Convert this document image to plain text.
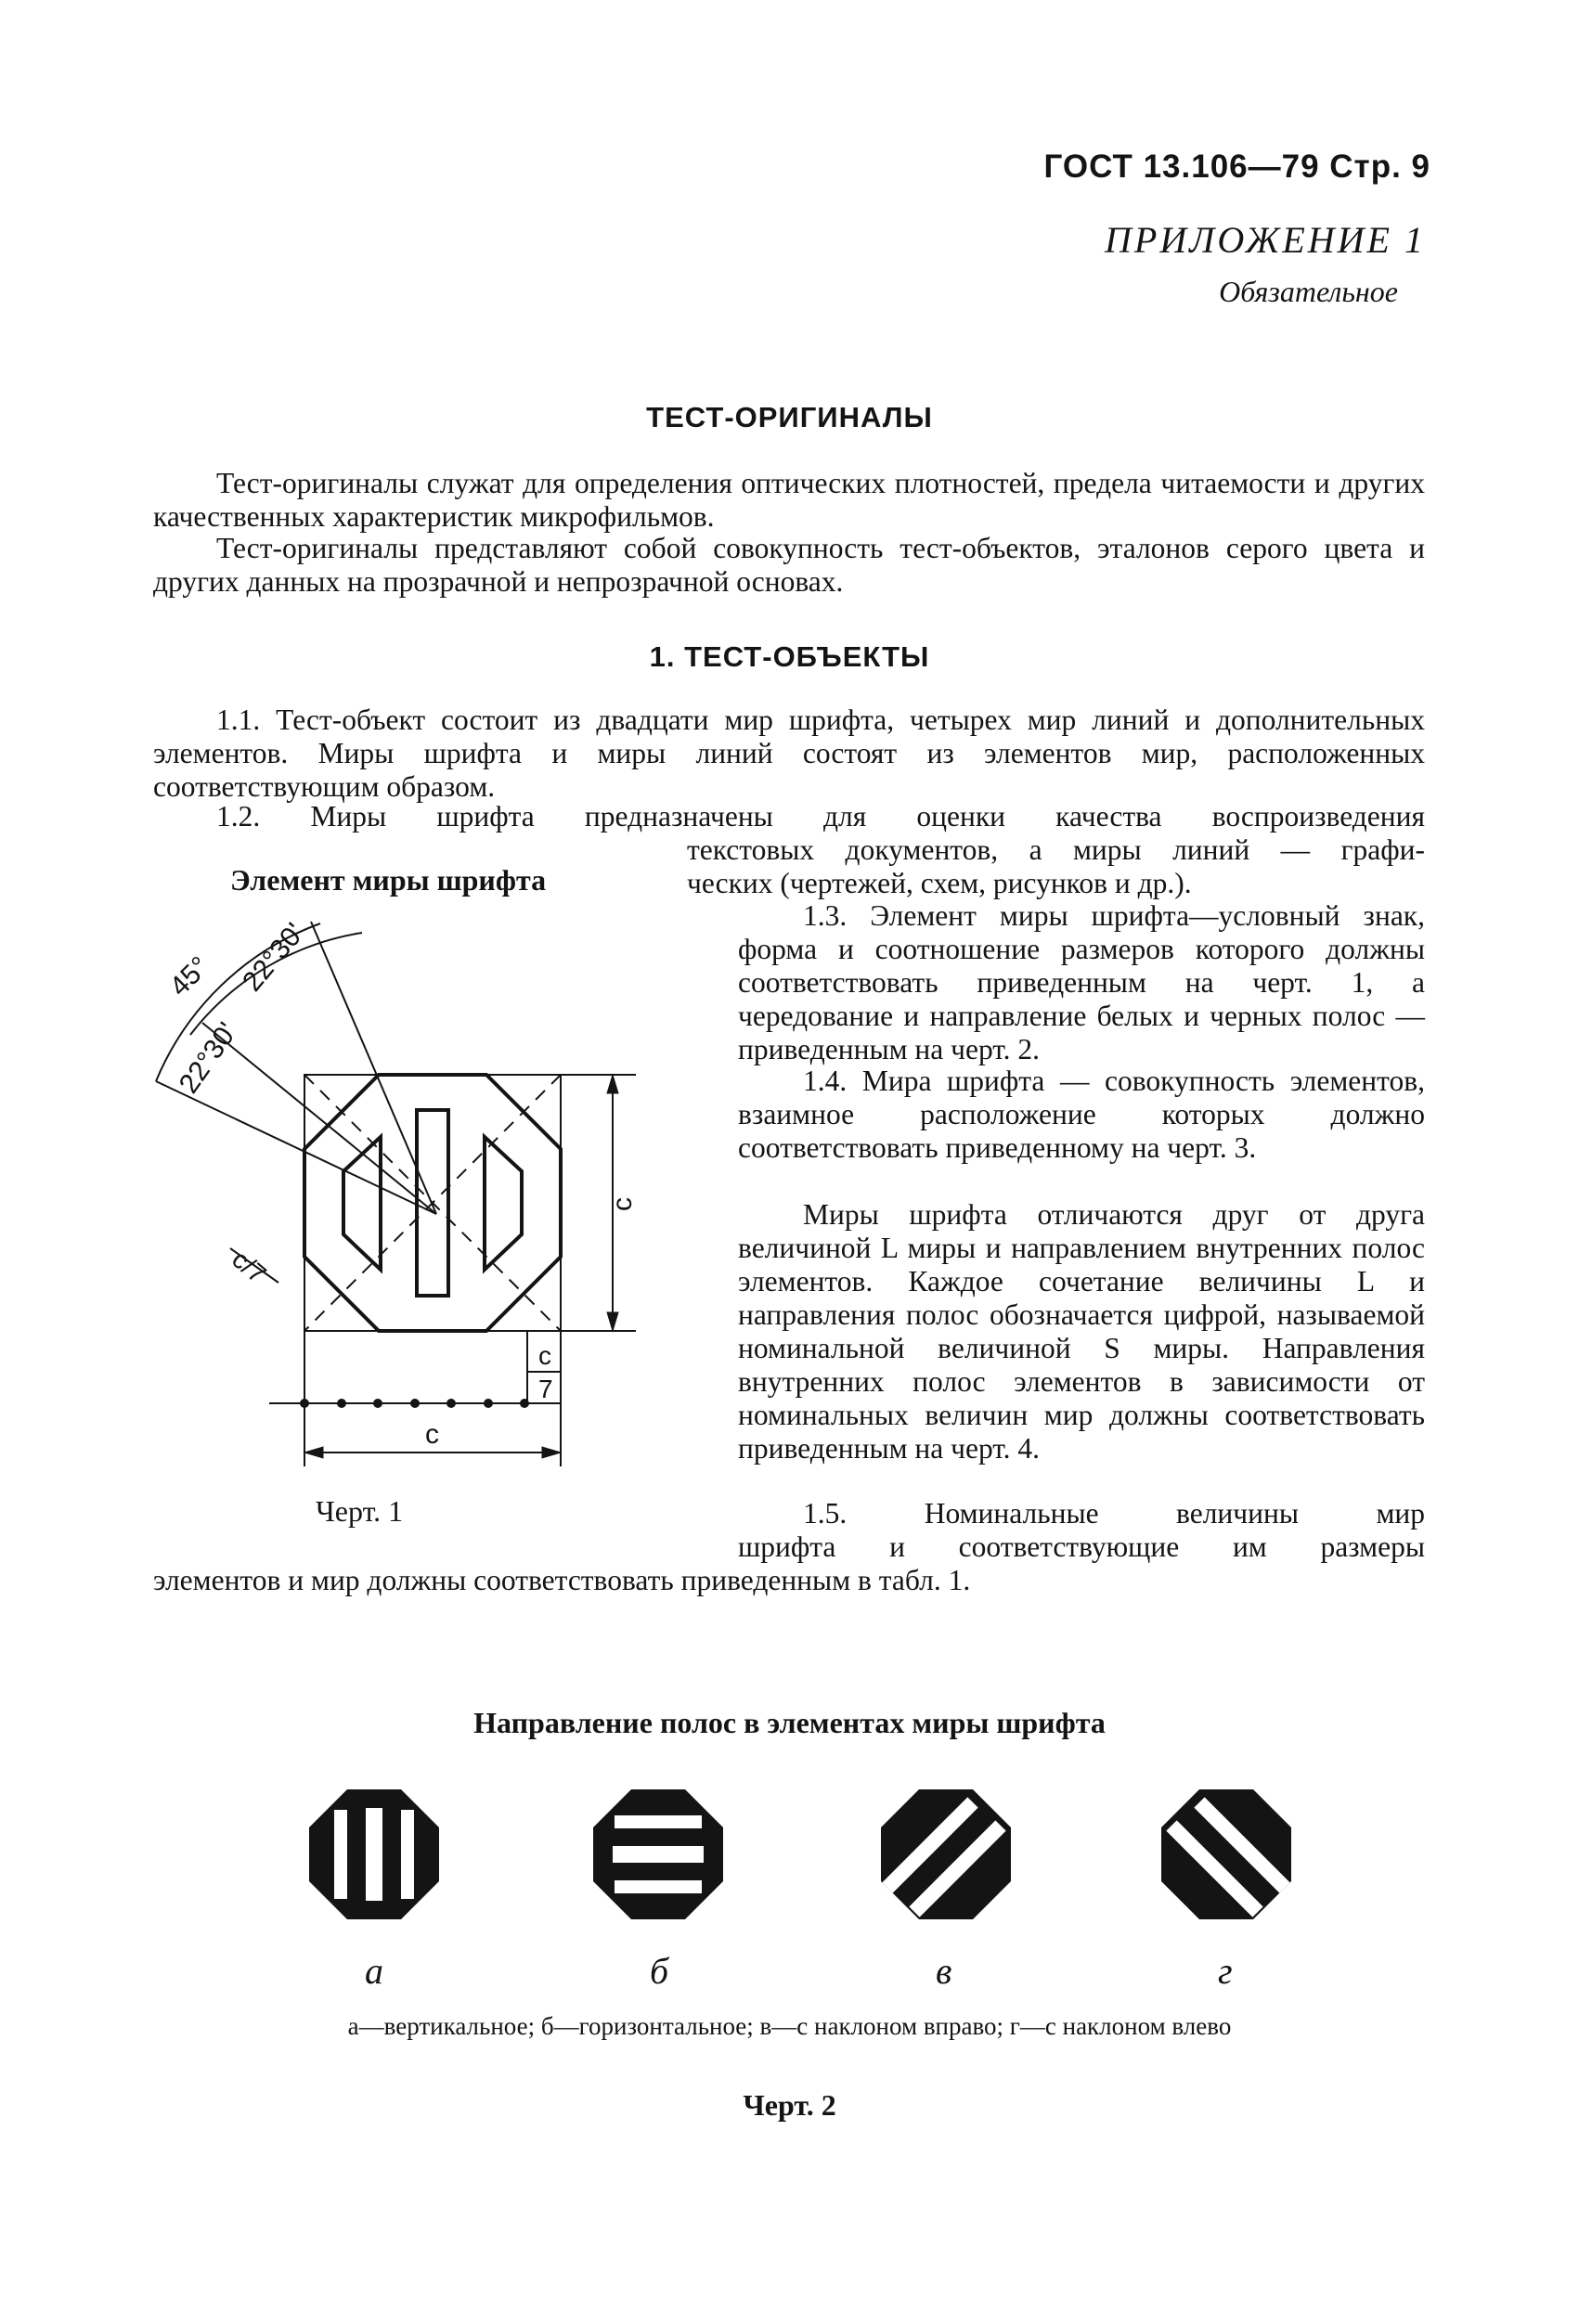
ГОСТ 13.106—79 Стр. 9
ПРИЛОЖЕНИЕ 1
Обязательное
ТЕСТ-ОРИГИНАЛЫ
Тест-оригиналы служат для определения оптических плотностей, предела читаемости и других качественных характеристик микрофильмов.
Тест-оригиналы представляют собой совокупность тест-объектов, эталонов серого цвета и других данных на прозрачной и непрозрачной основах.
1. ТЕСТ-ОБЪЕКТЫ
1.1. Тест-объект состоит из двадцати мир шрифта, четырех мир линий и дополнительных элементов. Миры шрифта и миры линий состоят из элементов мир, расположенных соответствующим образом.
1.2. Миры шрифта предназначены для оценки качества воспроизведения
текстовых документов, а миры линий — графи-
ческих (чертежей, схем, рисунков и др.).
1.3. Элемент миры шрифта—условный знак, форма и соотношение размеров которого должны соответствовать приведенным на черт. 1, а чередование и направление белых и черных полос — приведенным на черт. 2.
1.4. Мира шрифта — совокупность элементов, взаимное расположение которых должно соответствовать приведенному на черт. 3.
Миры шрифта отличаются друг от друга величиной L миры и направлением внутренних полос элементов. Каждое сочетание величины L и направления полос обозначается цифрой, называемой номинальной величиной S миры. Направления внутренних полос элементов в зависимости от номинальных величин мир должны соответствовать приведенным на черт. 4.
1.5. Номинальные величины мир
шрифта и соответствующие им размеры
элементов и мир должны соответствовать приведенным в табл. 1.
Элемент миры шрифта
45° 22°30'
22°30'
c
c
7
c
c/7
Черт. 1
Направление полос в элементах миры шрифта
а	б	в	г
а—вертикальное; б—горизонтальное; в—с наклоном вправо; г—с наклоном влево
Черт. 2
